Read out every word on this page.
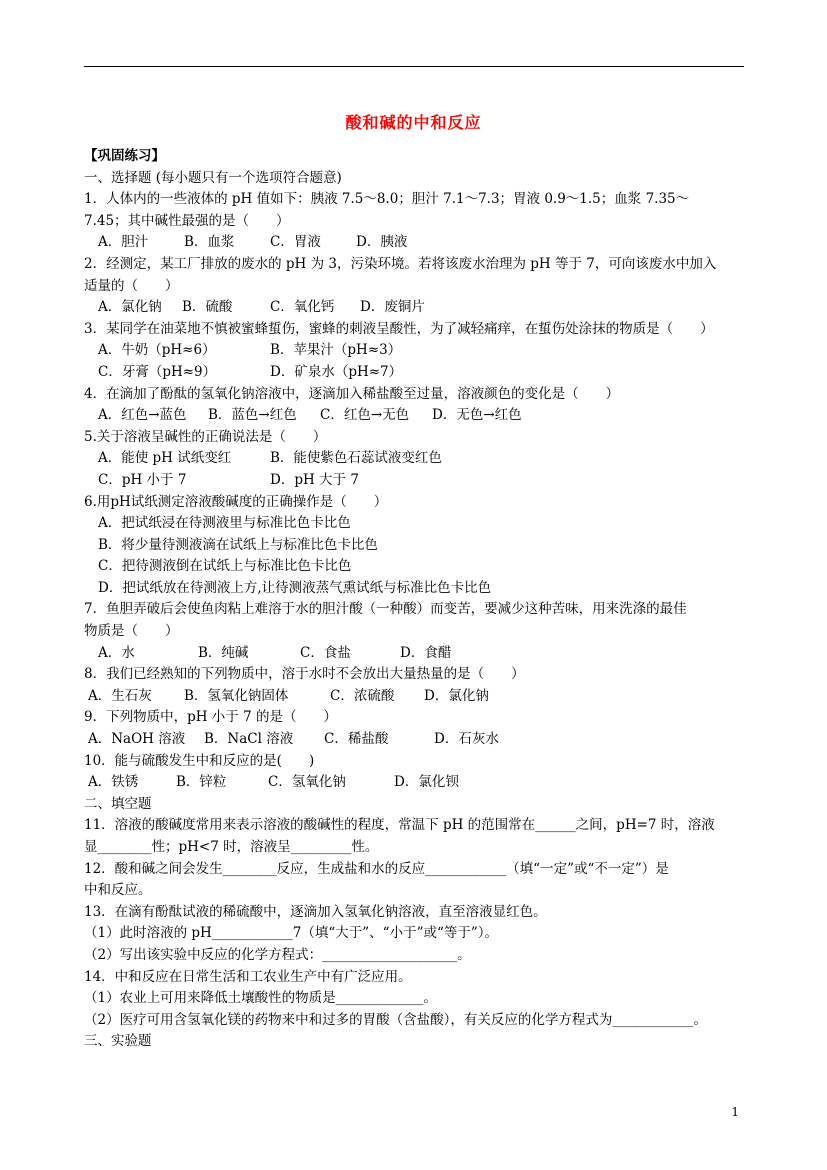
酸和碱的中和反应
【巩固练习】
一、选择题 (每小题只有一个选项符合题意)
1．人体内的一些液体的 pH 值如下：胰液 7.5～8.0；胆汁 7.1～7.3；胃液 0.9～1.5；血浆 7.35～
7.45；其中碱性最强的是（　　）
A．胆汁	B．血浆	C．胃液	D．胰液
2．经测定，某工厂排放的废水的 pH 为 3，污染环境。若将该废水治理为 pH 等于 7，可向该废水中加入
适量的（　　）
A．氯化钠 B．硫酸	C．氧化钙 D．废铜片
3．某同学在油菜地不慎被蜜蜂蜇伤，蜜蜂的刺液呈酸性，为了减轻痛痒，在蜇伤处涂抹的物质是（　　）
A．牛奶（pH≈6）	B．苹果汁（pH≈3）
C．牙膏（pH≈9）	D．矿泉水（pH≈7）
4．在滴加了酚酞的氢氧化钠溶液中，逐滴加入稀盐酸至过量，溶液颜色的变化是（　　）
A．红色→蓝色 B．蓝色→红色 C．红色→无色 D．无色→红色
5.关于溶液呈碱性的正确说法是（　　）
A．能使 pH 试纸变红	B．能使紫色石蕊试液变红色
C．pH 小于 7	D．pH 大于 7
6.用pH试纸测定溶液酸碱度的正确操作是（　　）
A．把试纸浸在待测液里与标准比色卡比色
B．将少量待测液滴在试纸上与标准比色卡比色
C．把待测液倒在试纸上与标准比色卡比色
D．把试纸放在待测液上方,让待测液蒸气熏试纸与标准比色卡比色
7．鱼胆弄破后会使鱼肉粘上难溶于水的胆汁酸（一种酸）而变苦，要减少这种苦味，用来洗涤的最佳
物质是（　　）
A．水	B．纯碱	C．食盐	D．食醋
8．我们已经熟知的下列物质中，溶于水时不会放出大量热量的是（　　）
A．生石灰 B．氢氧化钠固体	C．浓硫酸 D．氯化钠
9．下列物质中，pH 小于 7 的是（　　）
A．NaOH 溶液 B．NaCl 溶液 C．稀盐酸	D．石灰水
10．能与硫酸发生中和反应的是(　　)
A．铁锈	B．锌粒	C．氢氧化钠	D．氯化钡
二、填空题
11．溶液的酸碱度常用来表示溶液的酸碱性的程度，常温下 pH 的范围常在______之间，pH=7 时，溶液
显________性；pH<7 时，溶液呈_________性。
12．酸和碱之间会发生________反应，生成盐和水的反应____________（填“一定”或“不一定”）是
中和反应。
13．在滴有酚酞试液的稀硫酸中，逐滴加入氢氧化钠溶液，直至溶液显红色。
（1）此时溶液的 pH____________7（填“大于”、“小于”或“等于”）。
（2）写出该实验中反应的化学方程式：____________________。
14．中和反应在日常生活和工农业生产中有广泛应用。
（1）农业上可用来降低土壤酸性的物质是_____________。
（2）医疗可用含氢氧化镁的药物来中和过多的胃酸（含盐酸），有关反应的化学方程式为____________。
三、实验题
1
